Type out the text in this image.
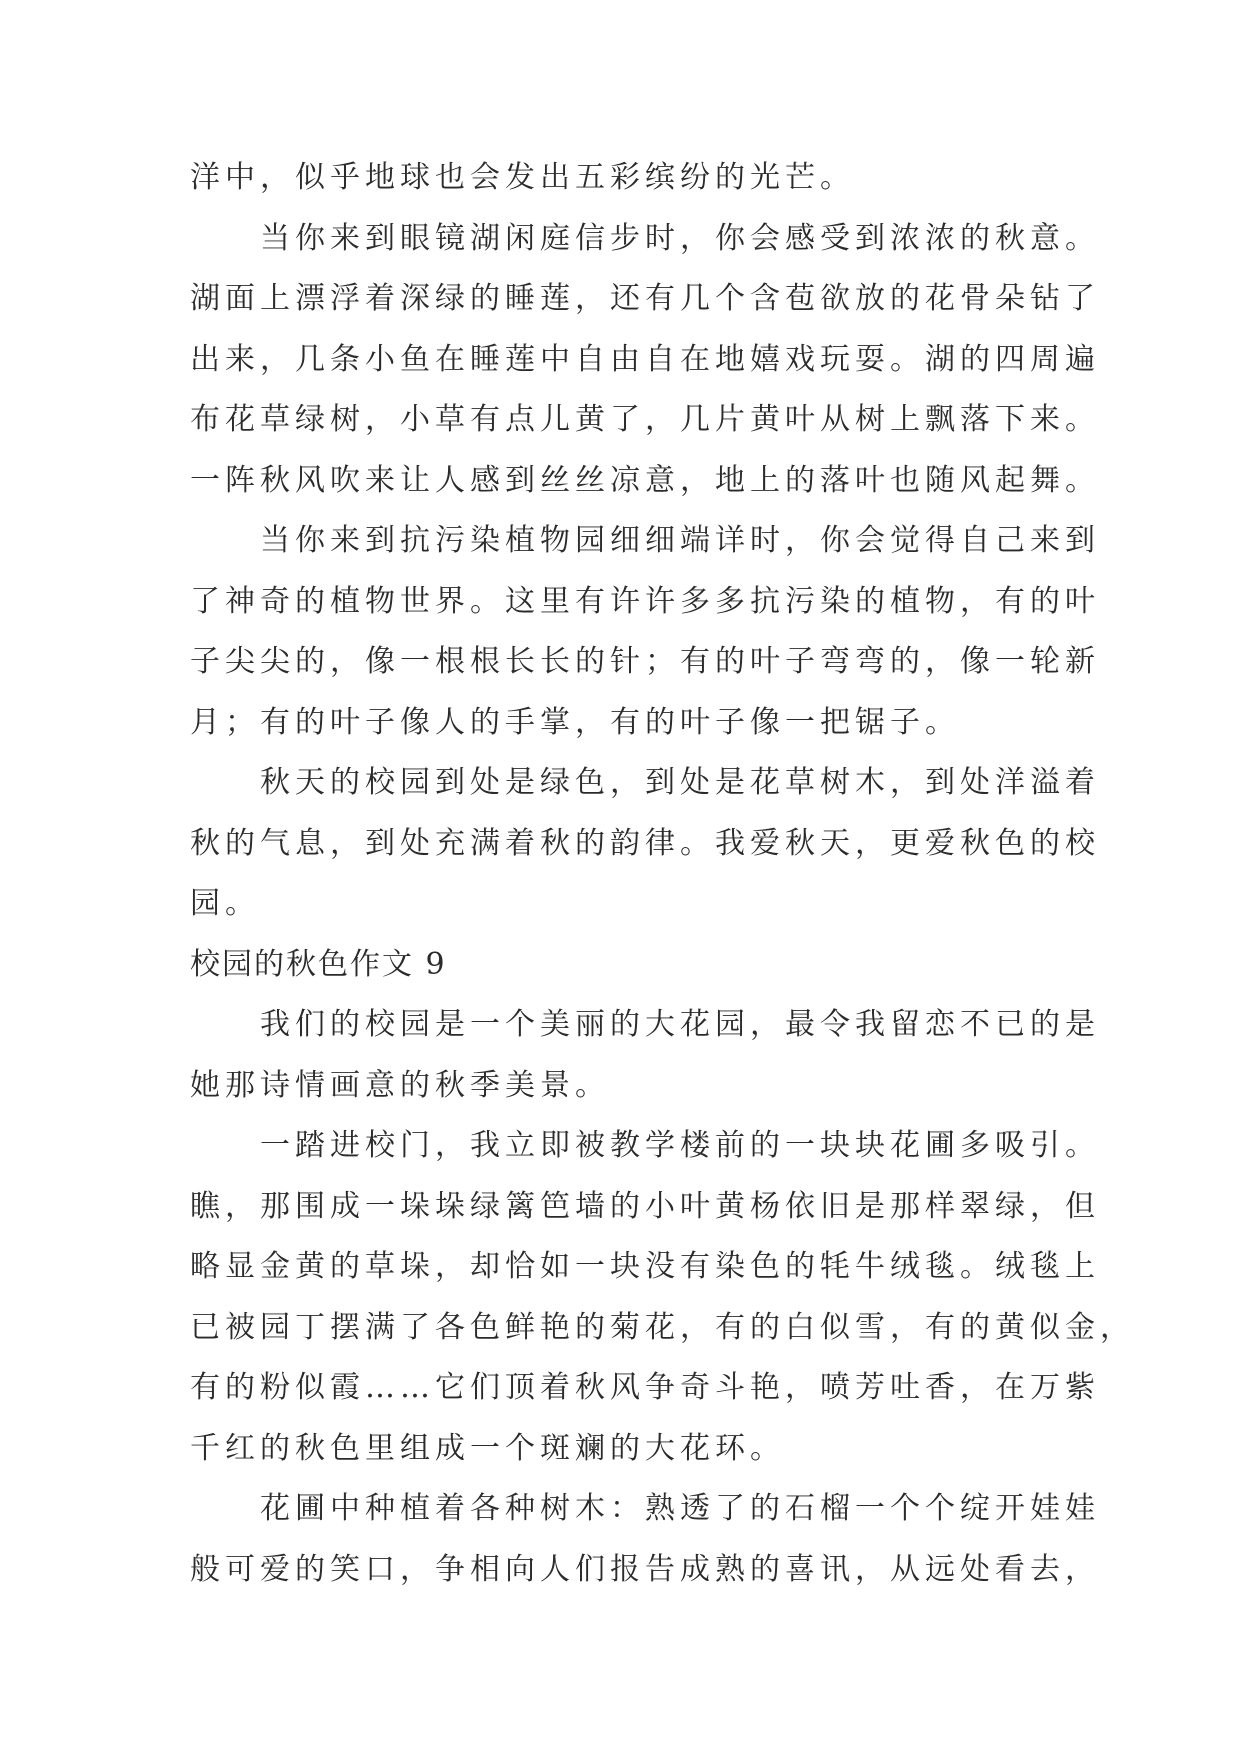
洋中，似乎地球也会发出五彩缤纷的光芒。
当你来到眼镜湖闲庭信步时，你会感受到浓浓的秋意。
湖面上漂浮着深绿的睡莲，还有几个含苞欲放的花骨朵钻了
出来，几条小鱼在睡莲中自由自在地嬉戏玩耍。湖的四周遍
布花草绿树，小草有点儿黄了，几片黄叶从树上飘落下来。
一阵秋风吹来让人感到丝丝凉意，地上的落叶也随风起舞。
当你来到抗污染植物园细细端详时，你会觉得自己来到
了神奇的植物世界。这里有许许多多抗污染的植物，有的叶
子尖尖的，像一根根长长的针；有的叶子弯弯的，像一轮新
月；有的叶子像人的手掌，有的叶子像一把锯子。
秋天的校园到处是绿色，到处是花草树木，到处洋溢着
秋的气息，到处充满着秋的韵律。我爱秋天，更爱秋色的校
园。
校园的秋色作文 9
我们的校园是一个美丽的大花园，最令我留恋不已的是
她那诗情画意的秋季美景。
一踏进校门，我立即被教学楼前的一块块花圃多吸引。
瞧，那围成一垛垛绿篱笆墙的小叶黄杨依旧是那样翠绿，但
略显金黄的草垛，却恰如一块没有染色的牦牛绒毯。绒毯上
已被园丁摆满了各色鲜艳的菊花，有的白似雪，有的黄似金，
有的粉似霞……它们顶着秋风争奇斗艳，喷芳吐香，在万紫
千红的秋色里组成一个斑斓的大花环。
花圃中种植着各种树木：熟透了的石榴一个个绽开娃娃
般可爱的笑口，争相向人们报告成熟的喜讯，从远处看去，
